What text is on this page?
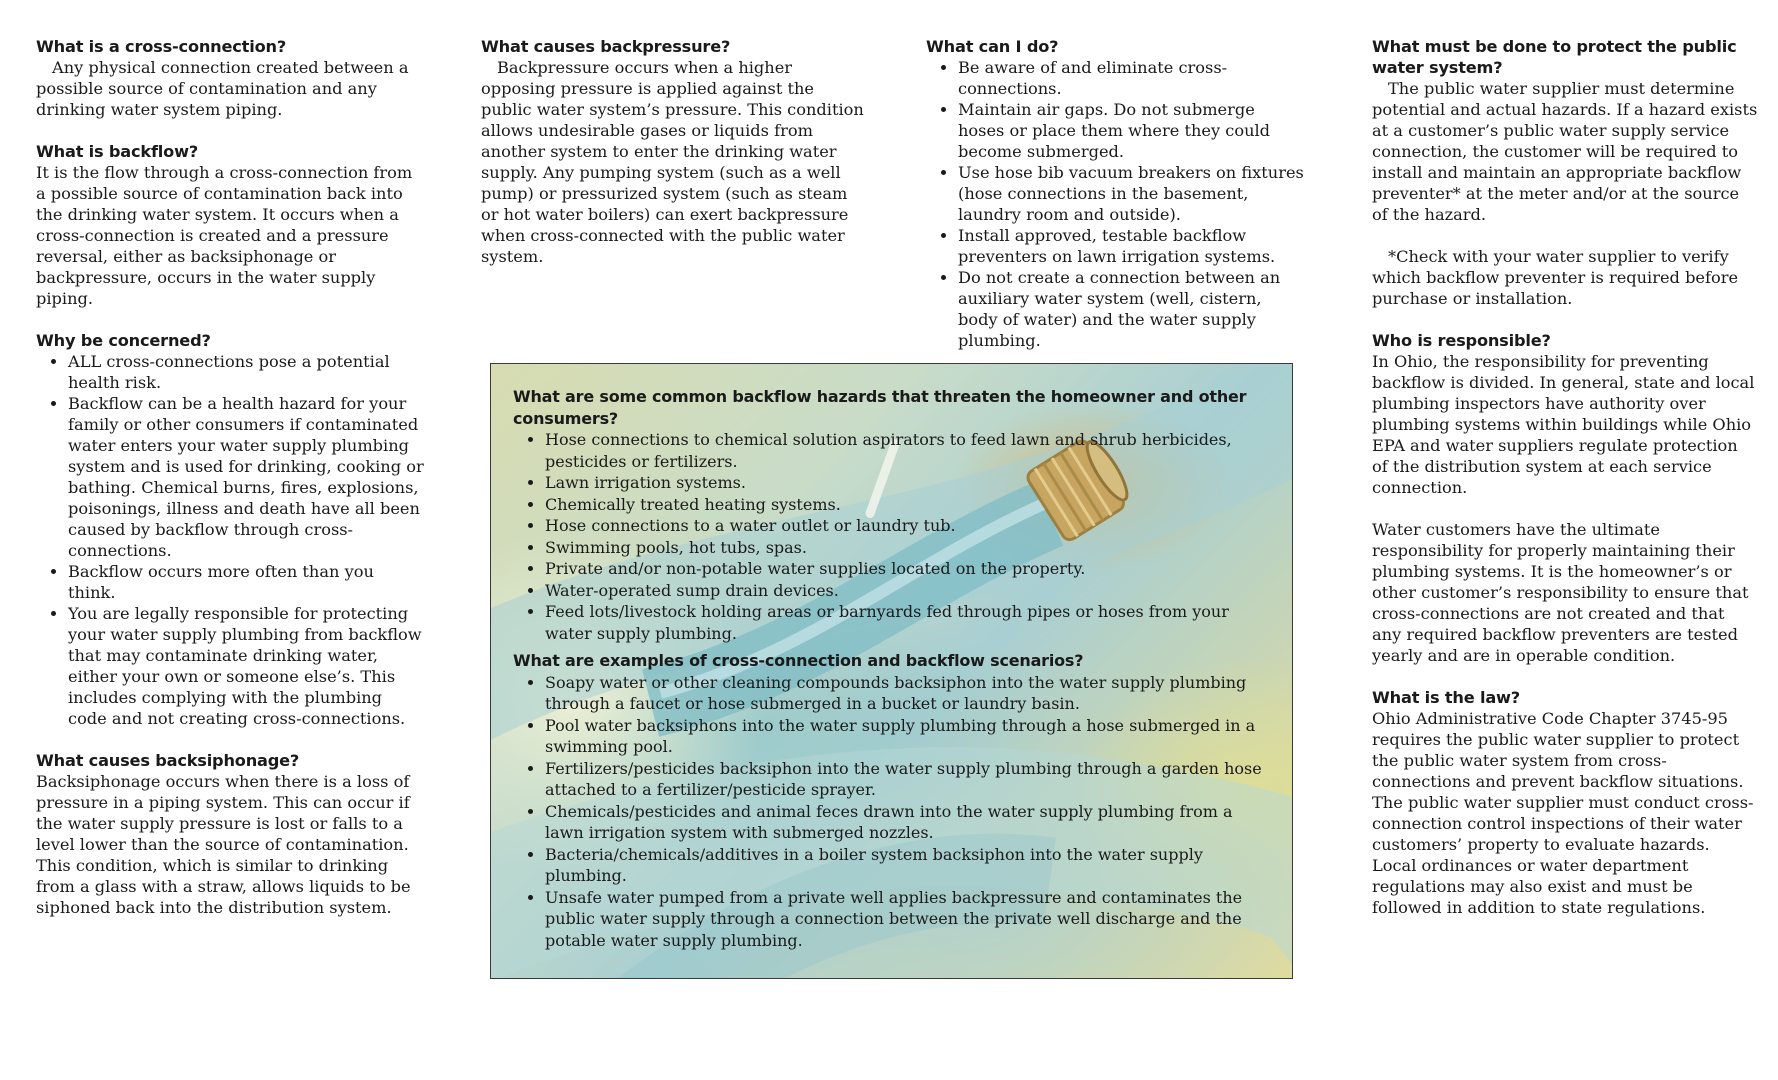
What is a cross-connection?

Any physical connection created between a possible source of contamination and any drinking water system piping.

What is backflow?

It is the flow through a cross-connection from a possible source of contamination back into the drinking water system. It occurs when a cross-connection is created and a pressure reversal, either as backsiphonage or backpressure, occurs in the water supply piping.

Why be concerned?
• ALL cross-connections pose a potential health risk.
• Backflow can be a health hazard for your family or other consumers if contaminated water enters your water supply plumbing system and is used for drinking, cooking or bathing. Chemical burns, fires, explosions, poisonings, illness and death have all been caused by backflow through cross-connections.
• Backflow occurs more often than you think.
• You are legally responsible for protecting your water supply plumbing from backflow that may contaminate drinking water, either your own or someone else’s. This includes complying with the plumbing code and not creating cross-connections.
What causes backsiphonage?

Backsiphonage occurs when there is a loss of pressure in a piping system. This can occur if the water supply pressure is lost or falls to a level lower than the source of contamination. This condition, which is similar to drinking from a glass with a straw, allows liquids to be siphoned back into the distribution system.

What causes backpressure?

Backpressure occurs when a higher opposing pressure is applied against the public water system’s pressure. This condition allows undesirable gases or liquids from another system to enter the drinking water supply. Any pumping system (such as a well pump) or pressurized system (such as steam or hot water boilers) can exert backpressure when cross-connected with the public water system.

What can I do?
• Be aware of and eliminate cross-connections.
• Maintain air gaps. Do not submerge hoses or place them where they could become submerged.
• Use hose bib vacuum breakers on fixtures (hose connections in the basement, laundry room and outside).
• Install approved, testable backflow preventers on lawn irrigation systems.
• Do not create a connection between an auxiliary water system (well, cistern, body of water) and the water supply plumbing.
What must be done to protect the public water system?

The public water supplier must determine potential and actual hazards. If a hazard exists at a customer’s public water supply service connection, the customer will be required to install and maintain an appropriate backflow preventer* at the meter and/or at the source of the hazard.

*Check with your water supplier to verify which backflow preventer is required before purchase or installation.

Who is responsible?

In Ohio, the responsibility for preventing backflow is divided. In general, state and local plumbing inspectors have authority over plumbing systems within buildings while Ohio EPA and water suppliers regulate protection of the distribution system at each service connection.

Water customers have the ultimate responsibility for properly maintaining their plumbing systems. It is the homeowner’s or other customer’s responsibility to ensure that cross-connections are not created and that any required backflow preventers are tested yearly and are in operable condition.

What is the law?

Ohio Administrative Code Chapter 3745-95 requires the public water supplier to protect the public water system from cross-connections and prevent backflow situations. The public water supplier must conduct cross-connection control inspections of their water customers’ property to evaluate hazards. Local ordinances or water department regulations may also exist and must be followed in addition to state regulations.

What are some common backflow hazards that threaten the homeowner and other consumers?
• Hose connections to chemical solution aspirators to feed lawn and shrub herbicides, pesticides or fertilizers.
• Lawn irrigation systems.
• Chemically treated heating systems.
• Hose connections to a water outlet or laundry tub.
• Swimming pools, hot tubs, spas.
• Private and/or non-potable water supplies located on the property.
• Water-operated sump drain devices.
• Feed lots/livestock holding areas or barnyards fed through pipes or hoses from your water supply plumbing.
What are examples of cross-connection and backflow scenarios?
• Soapy water or other cleaning compounds backsiphon into the water supply plumbing through a faucet or hose submerged in a bucket or laundry basin.
• Pool water backsiphons into the water supply plumbing through a hose submerged in a swimming pool.
• Fertilizers/pesticides backsiphon into the water supply plumbing through a garden hose attached to a fertilizer/pesticide sprayer.
• Chemicals/pesticides and animal feces drawn into the water supply plumbing from a lawn irrigation system with submerged nozzles.
• Bacteria/chemicals/additives in a boiler system backsiphon into the water supply plumbing.
• Unsafe water pumped from a private well applies backpressure and contaminates the public water supply through a connection between the private well discharge and the potable water supply plumbing.
